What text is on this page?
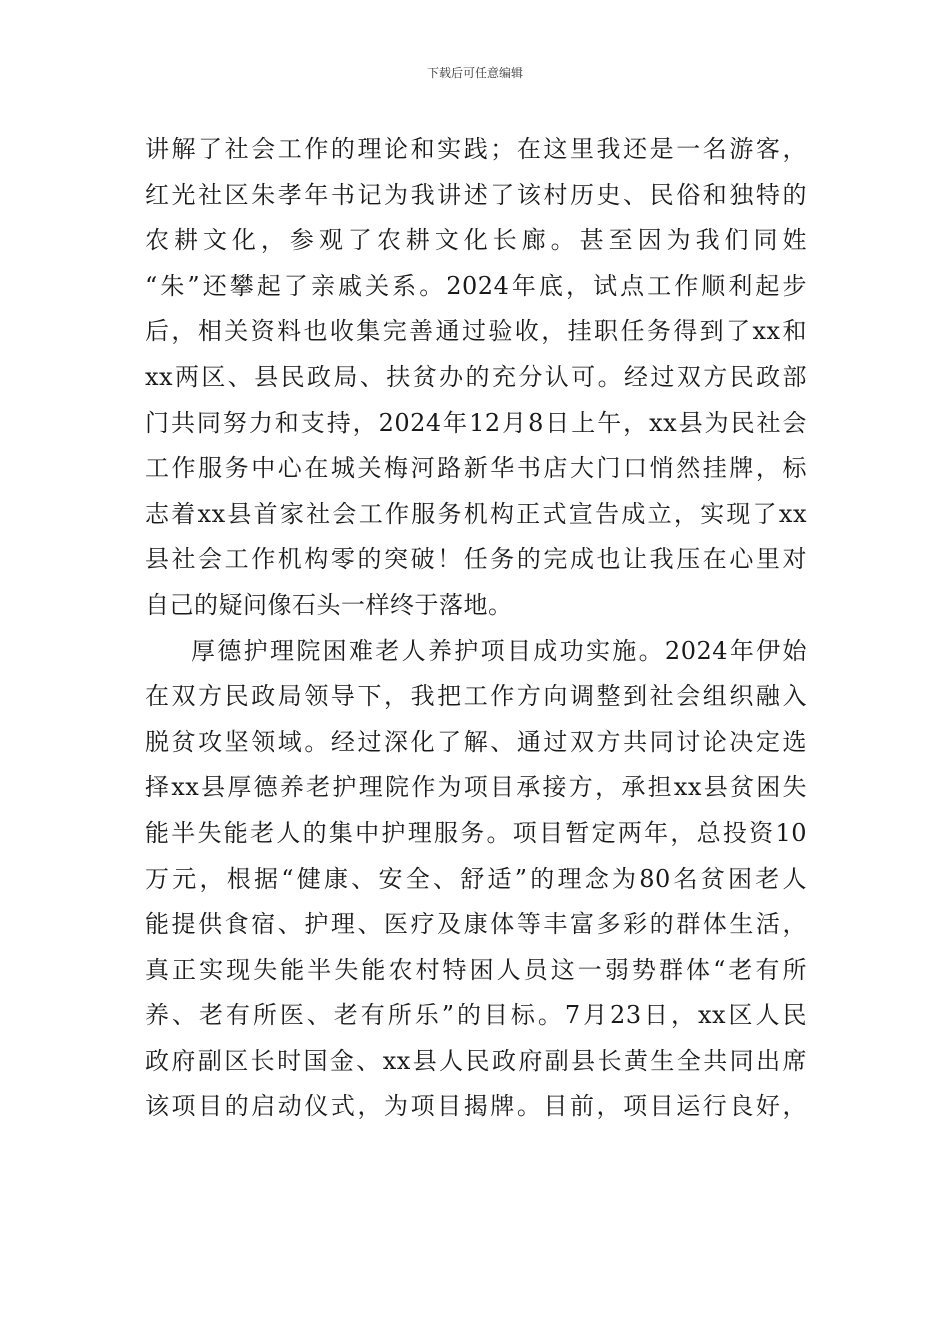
下载后可任意编辑
讲解了社会工作的理论和实践；在这里我还是一名游客，
红光社区朱孝年书记为我讲述了该村历史、民俗和独特的
农耕文化，参观了农耕文化长廊。甚至因为我们同姓
“朱”还攀起了亲戚关系。2024年底，试点工作顺利起步
后，相关资料也收集完善通过验收，挂职任务得到了xx和
xx两区、县民政局、扶贫办的充分认可。经过双方民政部
门共同努力和支持，2024年12月8日上午，xx县为民社会
工作服务中心在城关梅河路新华书店大门口悄然挂牌，标
志着xx县首家社会工作服务机构正式宣告成立，实现了xx
县社会工作机构零的突破！任务的完成也让我压在心里对
自己的疑问像石头一样终于落地。
厚德护理院困难老人养护项目成功实施。2024年伊始
在双方民政局领导下，我把工作方向调整到社会组织融入
脱贫攻坚领域。经过深化了解、通过双方共同讨论决定选
择xx县厚德养老护理院作为项目承接方，承担xx县贫困失
能半失能老人的集中护理服务。项目暂定两年，总投资10
万元，根据“健康、安全、舒适”的理念为80名贫困老人
能提供食宿、护理、医疗及康体等丰富多彩的群体生活，
真正实现失能半失能农村特困人员这一弱势群体“老有所
养、老有所医、老有所乐”的目标。7月23日，xx区人民
政府副区长时国金、xx县人民政府副县长黄生全共同出席
该项目的启动仪式，为项目揭牌。目前，项目运行良好，
